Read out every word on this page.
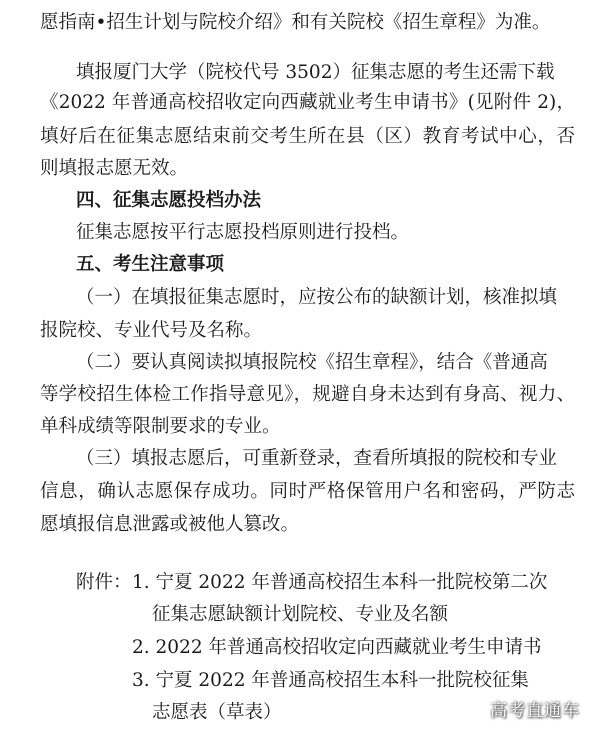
愿指南•招生计划与院校介绍》和有关院校《招生章程》为准。
填报厦门大学（院校代号 3502）征集志愿的考生还需下载
《2022 年普通高校招收定向西藏就业考生申请书》(见附件 2)，
填好后在征集志愿结束前交考生所在县（区）教育考试中心，否
则填报志愿无效。
四、征集志愿投档办法
征集志愿按平行志愿投档原则进行投档。
五、考生注意事项
（一）在填报征集志愿时，应按公布的缺额计划，核准拟填
报院校、专业代号及名称。
（二）要认真阅读拟填报院校《招生章程》，结合《普通高
等学校招生体检工作指导意见》，规避自身未达到有身高、视力、
单科成绩等限制要求的专业。
（三）填报志愿后，可重新登录，查看所填报的院校和专业
信息，确认志愿保存成功。同时严格保管用户名和密码，严防志
愿填报信息泄露或被他人篡改。
附件： 1. 宁夏 2022 年普通高校招生本科一批院校第二次
征集志愿缺额计划院校、专业及名额
2. 2022 年普通高校招收定向西藏就业考生申请书
3. 宁夏 2022 年普通高校招生本科一批院校征集
志愿表（草表）	高考直通车
